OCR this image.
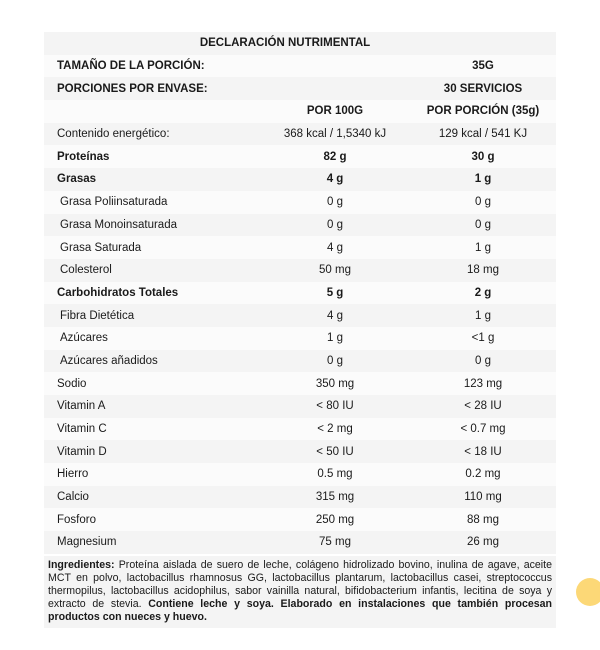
DECLARACIÓN NUTRIMENTAL
TAMAÑO DE LA PORCIÓN:	35G
PORCIONES POR ENVASE:	30 SERVICIOS
POR 100G	POR PORCIÓN (35g)
Contenido energético:	368 kcal / 1,5340 kJ	129 kcal / 541 KJ
Proteínas	82 g	30 g
Grasas	4 g	1 g
Grasa Poliinsaturada	0 g	0 g
Grasa Monoinsaturada	0 g	0 g
Grasa Saturada	4 g	1 g
Colesterol	50 mg	18 mg
Carbohidratos Totales	5 g	2 g
Fibra Dietética	4 g	1 g
Azúcares	1 g	<1 g
Azúcares añadidos	0 g	0 g
Sodio	350 mg	123 mg
Vitamin A	< 80 IU	< 28 IU
Vitamin C	< 2 mg	< 0.7 mg
Vitamin D	< 50 IU	< 18 IU
Hierro	0.5 mg	0.2 mg
Calcio	315 mg	110 mg
Fosforo	250 mg	88 mg
Magnesium	75 mg	26 mg
Ingredientes: Proteína aislada de suero de leche, colágeno hidrolizado bovino, inulina de agave, aceite MCT en polvo, lactobacillus rhamnosus GG, lactobacillus plantarum, lactobacillus casei, streptococcus thermopilus, lactobacillus acidophilus, sabor vainilla natural, bifidobacterium infantis, lecitina de soya y extracto de stevia. Contiene leche y soya. Elaborado en instalaciones que también procesan productos con nueces y huevo.
